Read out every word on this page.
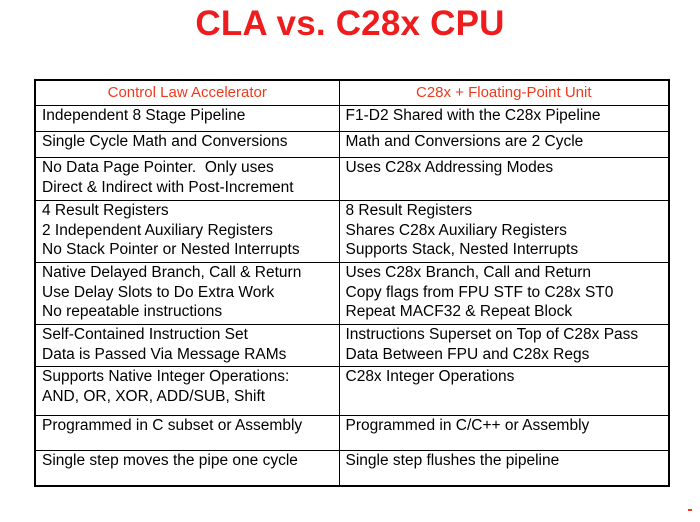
CLA vs. C28x CPU
Control Law Accelerator	C28x + Floating-Point Unit

Independent 8 Stage Pipeline	F1-D2 Shared with the C28x Pipeline

Single Cycle Math and Conversions	Math and Conversions are 2 Cycle

No Data Page Pointer.  Only uses
Direct & Indirect with Post-Increment	Uses C28x Addressing Modes

4 Result Registers
2 Independent Auxiliary Registers
No Stack Pointer or Nested Interrupts	8 Result Registers
Shares C28x Auxiliary Registers
Supports Stack, Nested Interrupts

Native Delayed Branch, Call & Return
Use Delay Slots to Do Extra Work
No repeatable instructions	Uses C28x Branch, Call and Return
Copy flags from FPU STF to C28x ST0
Repeat MACF32 & Repeat Block

Self-Contained Instruction Set
Data is Passed Via Message RAMs	Instructions Superset on Top of C28x Pass
Data Between FPU and C28x Regs

Supports Native Integer Operations:
AND, OR, XOR, ADD/SUB, Shift	C28x Integer Operations

Programmed in C subset or Assembly	Programmed in C/C++ or Assembly

Single step moves the pipe one cycle	Single step flushes the pipeline
